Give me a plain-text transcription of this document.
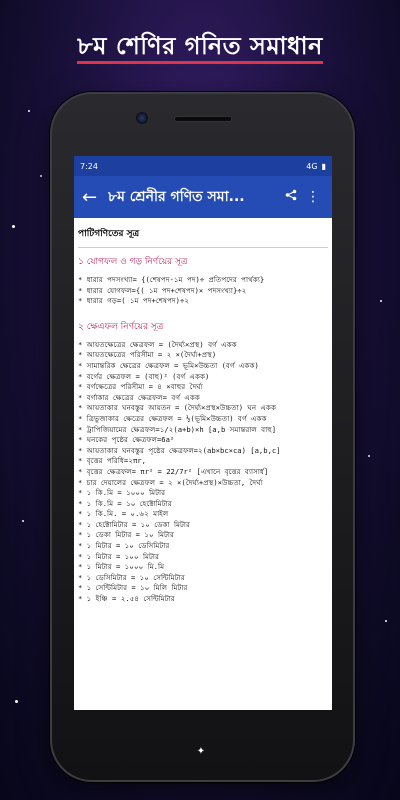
৮ম শেণির গনিত সমাধান
7:24	4G ▮
← ৮ম শ্রেনীর গণিত সমা...	⋮
পাটিগণিতের সূত্র
১ যোগফল ও গড় নির্ণয়ের সূত্র
* ধারার পদসংখ্যা= {(শেষপদ-১ম পদ)÷ প্রতিপদের পার্থক্য}
* ধারার যোগফল={( ১ম পদ+শেষপদ)× পদসংখ্যা}÷২
* ধারার গড়=( ১ম পদ+শেষপদ)÷২
২ ক্ষেএফল নির্ণয়ের সূত্র
* আয়তক্ষেত্রের ক্ষেত্রফল = (দৈর্ঘ্য×প্রস্থ) বর্গ একক
* আয়তক্ষেত্রের পরিসীমা = ২ ×(দৈর্ঘ্য+প্রস্থ)
* সামান্তরিক ক্ষেত্রের ক্ষেত্রফল = ভূমি×উচ্চতা (বর্গ একক)
* বর্গের ক্ষেত্রফল = (বাহু)² (বর্গ একক)
* বর্গক্ষেত্রের পরিসীমা = ৪ ×বাহুর দৈর্ঘ্য
* বর্গাকার ক্ষেত্রের ক্ষেত্রফল= বর্গ একক
* আয়তাকার ঘনবস্তুর আয়তন = (দৈর্ঘ্য×প্রস্থ×উচ্চতা) ঘন একক
* ত্রিভুজাকার ক্ষেত্রের ক্ষেত্রফল = ½(ভূমি×উচ্চতা) বর্গ একক
* ট্রাপিজিয়ামের ক্ষেত্রফল=১/২(a+b)×h [a,b সমান্তরাল বাহু]
* ঘনকের পৃষ্ঠের ক্ষেত্রফল=6a²
* আয়তাকার ঘনবস্তুর পৃষ্ঠের ক্ষেত্রফল=২(ab×bc×ca) [a,b,c]
* বৃত্তের পরিধি=২πr,
* বৃত্তের ক্ষেত্রফল= πr² = 22/7r² [এখানে বৃত্তের ব্যাসার্ধ]
* চার দেয়ালের ক্ষেত্রফল = ২ ×(দৈর্ঘ্য+প্রস্থ)×উচ্চতা, দৈর্ঘ্য
* ১ কি.মি = ১০০০ মিটার
* ১ কি.মি = ১০ হেক্টোমিটার
* ১ কি.মি. = ০.৬২ মাইল
* ১ হেক্টোমিটার = ১০ ডেকা মিটার
* ১ ডেকা মিটার = ১০ মিটার
* ১ মিটার = ১০ ডেসিমিটার
* ১ মিটার = ১০০ মিটার
* ১ মিটার = ১০০০ মি.মি
* ১ ডেসিমিটার = ১০ সেন্টিমিটার
* ১ সেন্টিমিটার = ১০ মিলি মিটার
* ১ ইঞ্চি = ২.৫৪ সেন্টিমিটার
✦
